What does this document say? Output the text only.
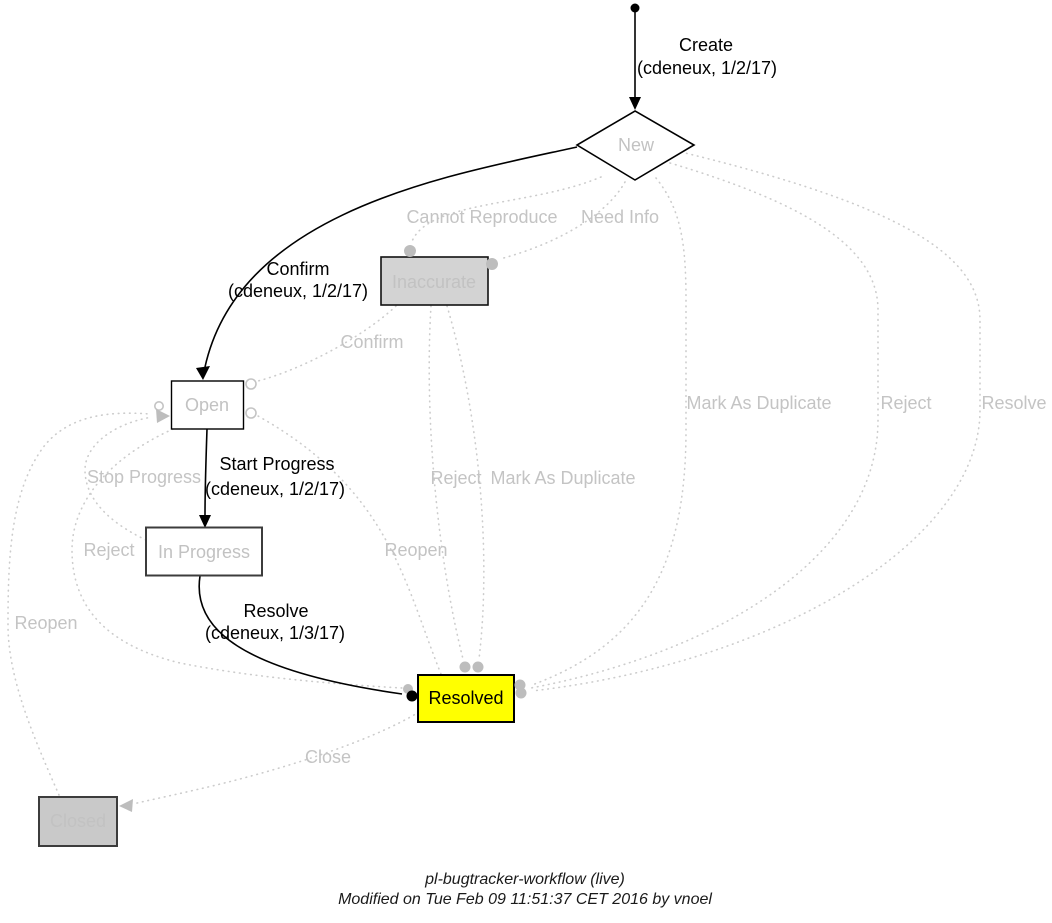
New
Inaccurate
Open
In Progress
Resolved
Closed
Create
(cdeneux, 1/2/17)
Confirm
(cdeneux, 1/2/17)
Start Progress
(cdeneux, 1/2/17)
Resolve
(cdeneux, 1/3/17)
Cannot Reproduce Need Info
Confirm
Mark As Duplicate	Reject	Resolve
Reject Mark As Duplicate
Reopen
Stop Progress
Reject
Reopen
Close
pl-bugtracker-workflow (live)
Modified on Tue Feb 09 11:51:37 CET 2016 by vnoel
